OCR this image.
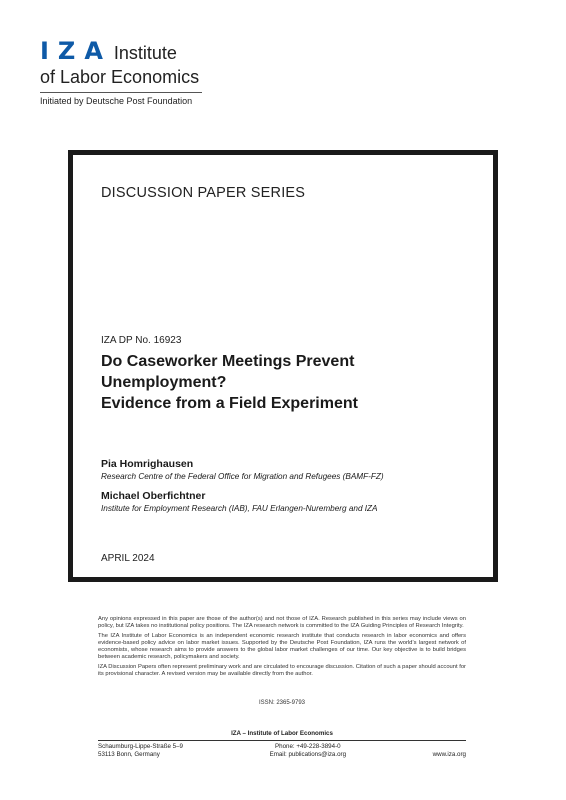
IZA Institute
of Labor Economics
Initiated by Deutsche Post Foundation
DISCUSSION PAPER SERIES
IZA DP No. 16923
Do Caseworker Meetings Prevent
Unemployment?
Evidence from a Field Experiment
Pia Homrighausen
Research Centre of the Federal Office for Migration and Refugees (BAMF-FZ)
Michael Oberfichtner
Institute for Employment Research (IAB), FAU Erlangen-Nuremberg and IZA
APRIL 2024

Any opinions expressed in this paper are those of the author(s) and not those of IZA. Research published in this series may include views on policy, but IZA takes no institutional policy positions. The IZA research network is committed to the IZA Guiding Principles of Research Integrity.

The IZA Institute of Labor Economics is an independent economic research institute that conducts research in labor economics and offers evidence-based policy advice on labor market issues. Supported by the Deutsche Post Foundation, IZA runs the world’s largest network of economists, whose research aims to provide answers to the global labor market challenges of our time. Our key objective is to build bridges between academic research, policymakers and society.

IZA Discussion Papers often represent preliminary work and are circulated to encourage discussion. Citation of such a paper should account for its provisional character. A revised version may be available directly from the author.

ISSN: 2365-9793
IZA – Institute of Labor Economics
Schaumburg-Lippe-Straße 5–9
53113 Bonn, Germany
Phone: +49-228-3894-0
Email: publications@iza.org	www.iza.org
